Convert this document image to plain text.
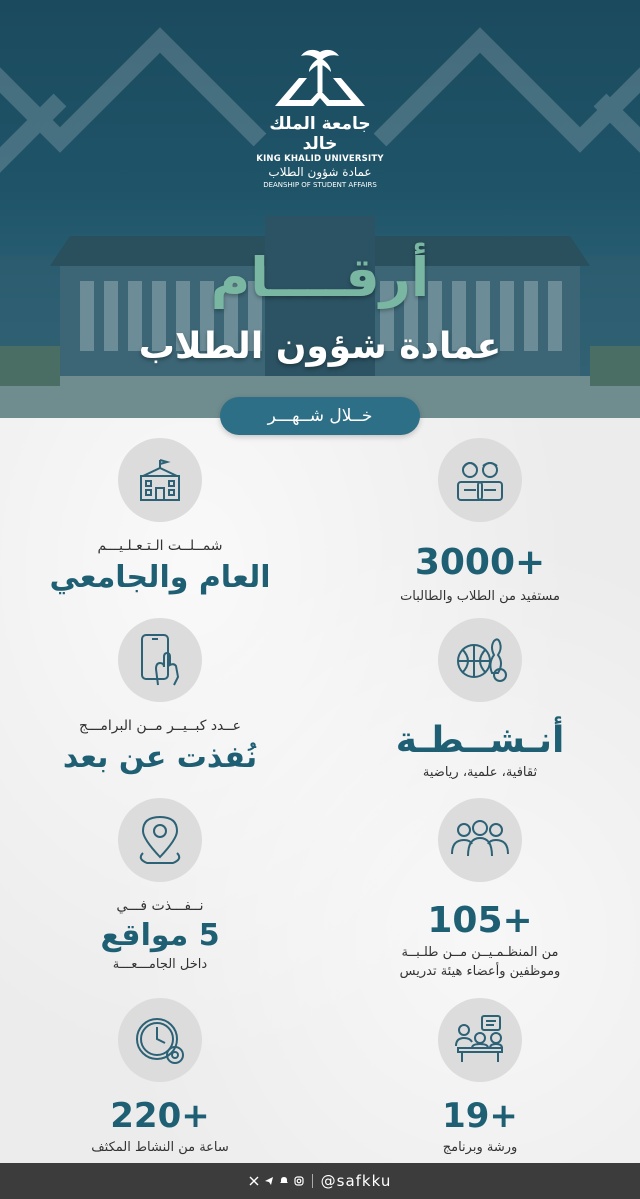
جامعة الملك خالد
KING KHALID UNIVERSITY
عمادة شؤون الطلاب
DEANSHIP OF STUDENT AFFAIRS
أرقــــام
عمادة شؤون الطلاب
3000+
مستفيد من الطلاب والطالبات
شمــلــت الـتـعـلـيـــم
العام والجامعي
أنـشــطـة
ثقافية، علمية، رياضية
عــدد كبــيــر مــن البرامـــج
نُفذت عن بعد
105+
من المنظـمـيــن مــن طلـبــة
وموظفين وأعضاء هيئة تدريس
نــفـــذت فـــي
5 مواقع
داخل الجامـــعـــة
19+
ورشة وبرنامج
220+
ساعة من النشاط المكثف
خــلال شــهـــر
@safkku
